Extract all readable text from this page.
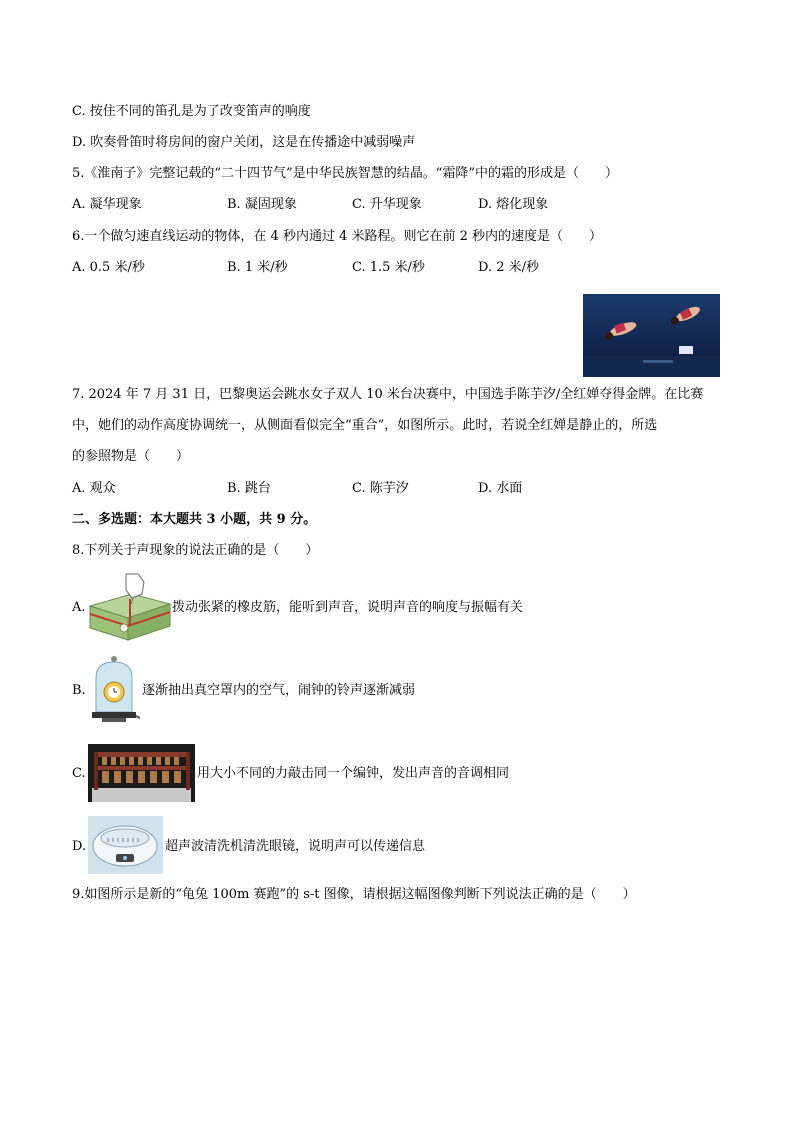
C. 按住不同的笛孔是为了改变笛声的响度
D. 吹奏骨笛时将房间的窗户关闭，这是在传播途中减弱噪声
5.《淮南子》完整记载的“二十四节气”是中华民族智慧的结晶。“霜降”中的霜的形成是（　　）
A. 凝华现象	B. 凝固现象	C. 升华现象	D. 熔化现象
6.一个做匀速直线运动的物体，在 4 秒内通过 4 米路程。则它在前 2 秒内的速度是（　　）
A. 0.5 米/秒	B. 1 米/秒	C. 1.5 米/秒	D. 2 米/秒
7. 2024 年 7 月 31 日，巴黎奥运会跳水女子双人 10 米台决赛中，中国选手陈芋汐/全红婵夺得金牌。在比赛
中，她们的动作高度协调统一，从侧面看似完全“重合”，如图所示。此时，若说全红婵是静止的，所选
的参照物是（　　）
A. 观众	B. 跳台	C. 陈芋汐	D. 水面
二、多选题：本大题共 3 小题，共 9 分。
8.下列关于声现象的说法正确的是（　　）
A.	拨动张紧的橡皮筋，能听到声音，说明声音的响度与振幅有关
B.	逐渐抽出真空罩内的空气，闹钟的铃声逐渐减弱
C.	用大小不同的力敲击同一个编钟，发出声音的音调相同
D.	超声波清洗机清洗眼镜，说明声可以传递信息
9.如图所示是新的“龟兔 100m 赛跑”的 s-t 图像，请根据这幅图像判断下列说法正确的是（　　）
